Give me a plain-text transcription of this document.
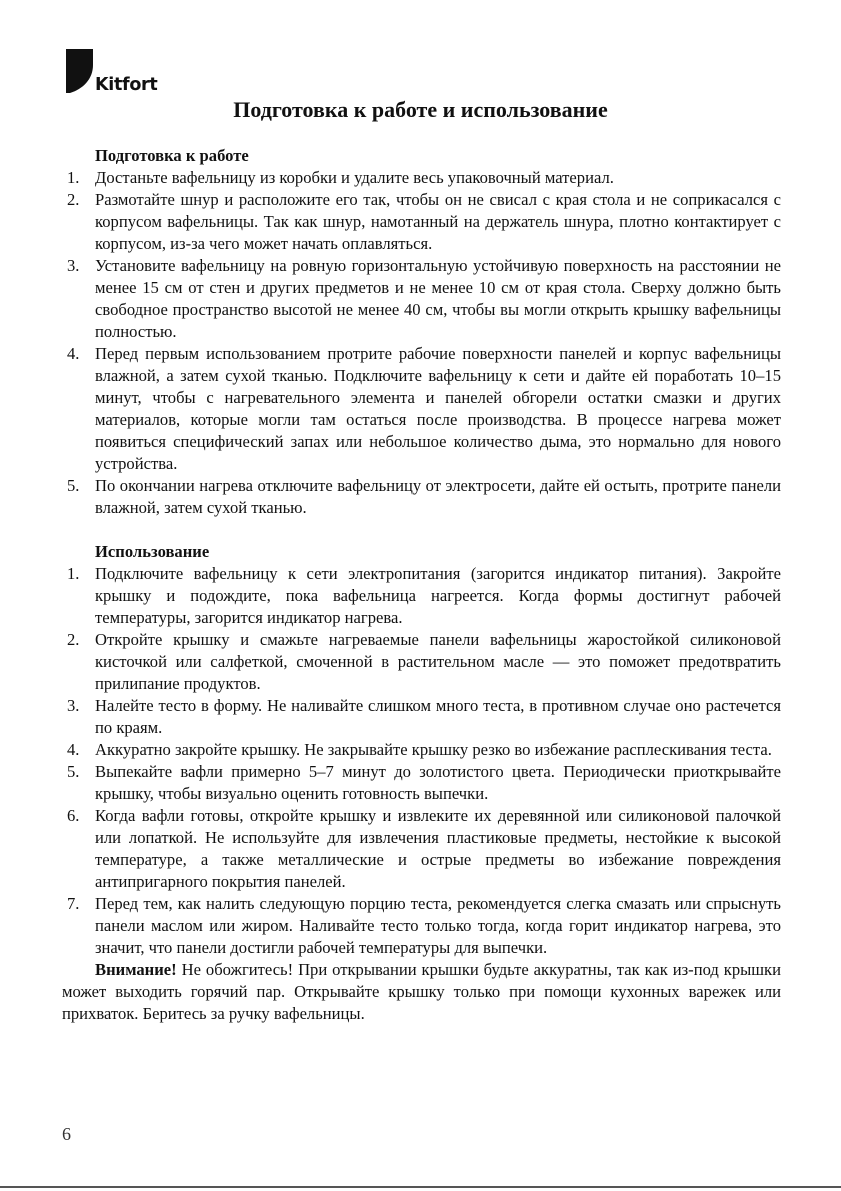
Kitfort
Подготовка к работе и использование
Подготовка к работе
1. Достаньте вафельницу из коробки и удалите весь упаковочный материал.
2. Размотайте шнур и расположите его так, чтобы он не свисал с края стола и не соприкасался с корпусом вафельницы. Так как шнур, намотанный на держатель шнура, плотно контактирует с корпусом, из-за чего может начать оплавляться.
3. Установите вафельницу на ровную горизонтальную устойчивую поверхность на расстоянии не менее 15 см от стен и других предметов и не менее 10 см от края стола. Сверху должно быть свободное пространство высотой не менее 40 см, чтобы вы могли открыть крышку вафельницы полностью.
4. Перед первым использованием протрите рабочие поверхности панелей и корпус вафельницы влажной, а затем сухой тканью. Подключите вафельницу к сети и дайте ей поработать 10–15 минут, чтобы с нагревательного элемента и панелей обгорели остатки смазки и других материалов, которые могли там остаться после производства. В процессе нагрева может появиться специфический запах или небольшое количество дыма, это нормально для нового устройства.
5. По окончании нагрева отключите вафельницу от электросети, дайте ей остыть, протрите панели влажной, затем сухой тканью.
Использование
1. Подключите вафельницу к сети электропитания (загорится индикатор питания). Закройте крышку и подождите, пока вафельница нагреется. Когда формы достигнут рабочей температуры, загорится индикатор нагрева.
2. Откройте крышку и смажьте нагреваемые панели вафельницы жаростойкой силиконовой кисточкой или салфеткой, смоченной в растительном масле — это поможет предотвратить прилипание продуктов.
3. Налейте тесто в форму. Не наливайте слишком много теста, в противном случае оно растечется по краям.
4. Аккуратно закройте крышку. Не закрывайте крышку резко во избежание расплескивания теста.
5. Выпекайте вафли примерно 5–7 минут до золотистого цвета. Периодически приоткрывайте крышку, чтобы визуально оценить готовность выпечки.
6. Когда вафли готовы, откройте крышку и извлеките их деревянной или силиконовой палочкой или лопаткой. Не используйте для извлечения пластиковые предметы, нестойкие к высокой температуре, а также металлические и острые предметы во избежание повреждения антипригарного покрытия панелей.
7. Перед тем, как налить следующую порцию теста, рекомендуется слегка смазать или спрыснуть панели маслом или жиром. Наливайте тесто только тогда, когда горит индикатор нагрева, это значит, что панели достигли рабочей температуры для выпечки.

Внимание! Не обожгитесь! При открывании крышки будьте аккуратны, так как из-под крышки может выходить горячий пар. Открывайте крышку только при помощи кухонных варежек или прихваток. Беритесь за ручку вафельницы.

6
